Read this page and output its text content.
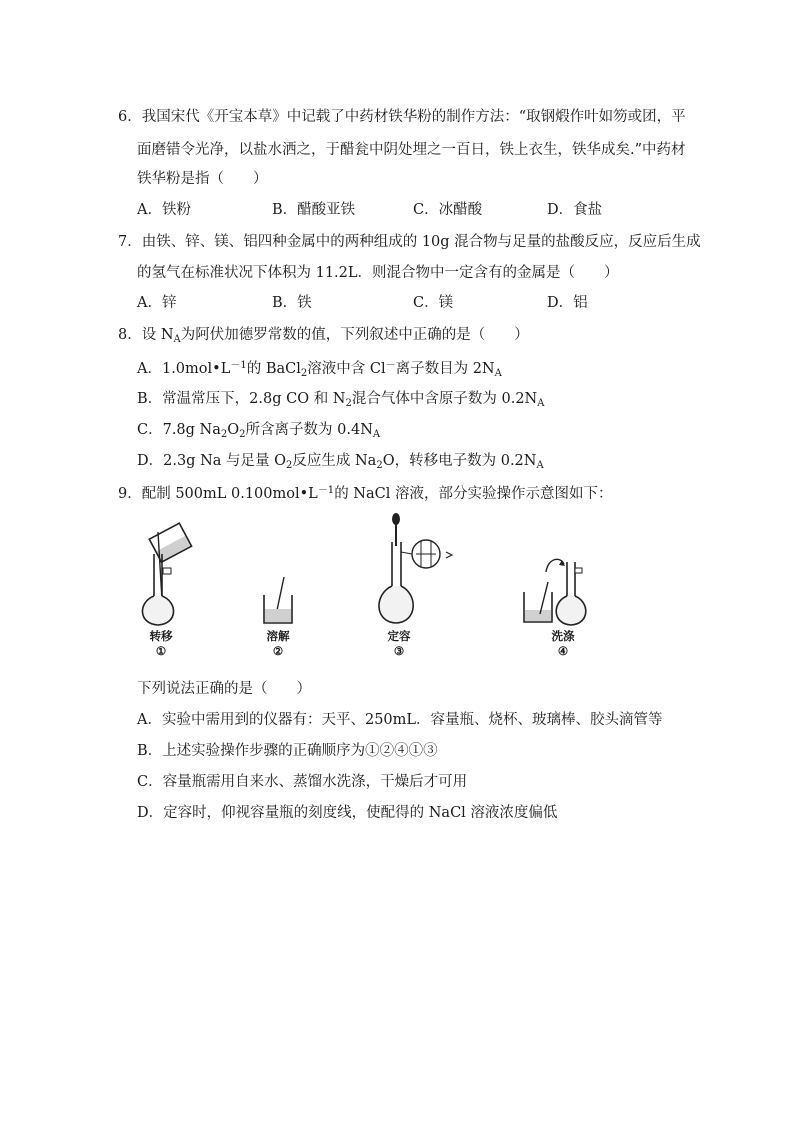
6．我国宋代《开宝本草》中记载了中药材铁华粉的制作方法：“取钢煅作叶如笏或团，平
面磨错令光净，以盐水洒之，于醋瓮中阴处埋之一百日，铁上衣生，铁华成矣.”中药材
铁华粉是指（　　）
A．铁粉	B．醋酸亚铁	C．冰醋酸	D．食盐
7．由铁、锌、镁、铝四种金属中的两种组成的 10g 混合物与足量的盐酸反应，反应后生成
的氢气在标准状况下体积为 11.2L．则混合物中一定含有的金属是（　　）
A．锌	B．铁	C．镁	D．铝
8．设 $N_A$为阿伏加德罗常数的值，下列叙述中正确的是（　　）
A．$1.0mol•L^{-1}$的 BaCl$_2$溶液中含 Cl－离子数目为 $2N_A$
B．常温常压下，2.8g CO 和 $N_2$混合气体中含原子数为 $0.2N_A$
C．7.8g $Na_2O_2$所含离子数为 $0.4N_A$
D．2.3g Na 与足量 $O_2$反应生成 $Na_2O$，转移电子数为 $0.2N_A$
9．配制 500mL $0.100mol•L^{-1}$的 NaCl 溶液，部分实验操作示意图如下：
转移
①
溶解
②
定容
③
洗涤
④
下列说法正确的是（　　）
A．实验中需用到的仪器有：天平、250mL．容量瓶、烧杯、玻璃棒、胶头滴管等
B．上述实验操作步骤的正确顺序为①②④①③
C．容量瓶需用自来水、蒸馏水洗涤，干燥后才可用
D．定容时，仰视容量瓶的刻度线，使配得的 NaCl 溶液浓度偏低
